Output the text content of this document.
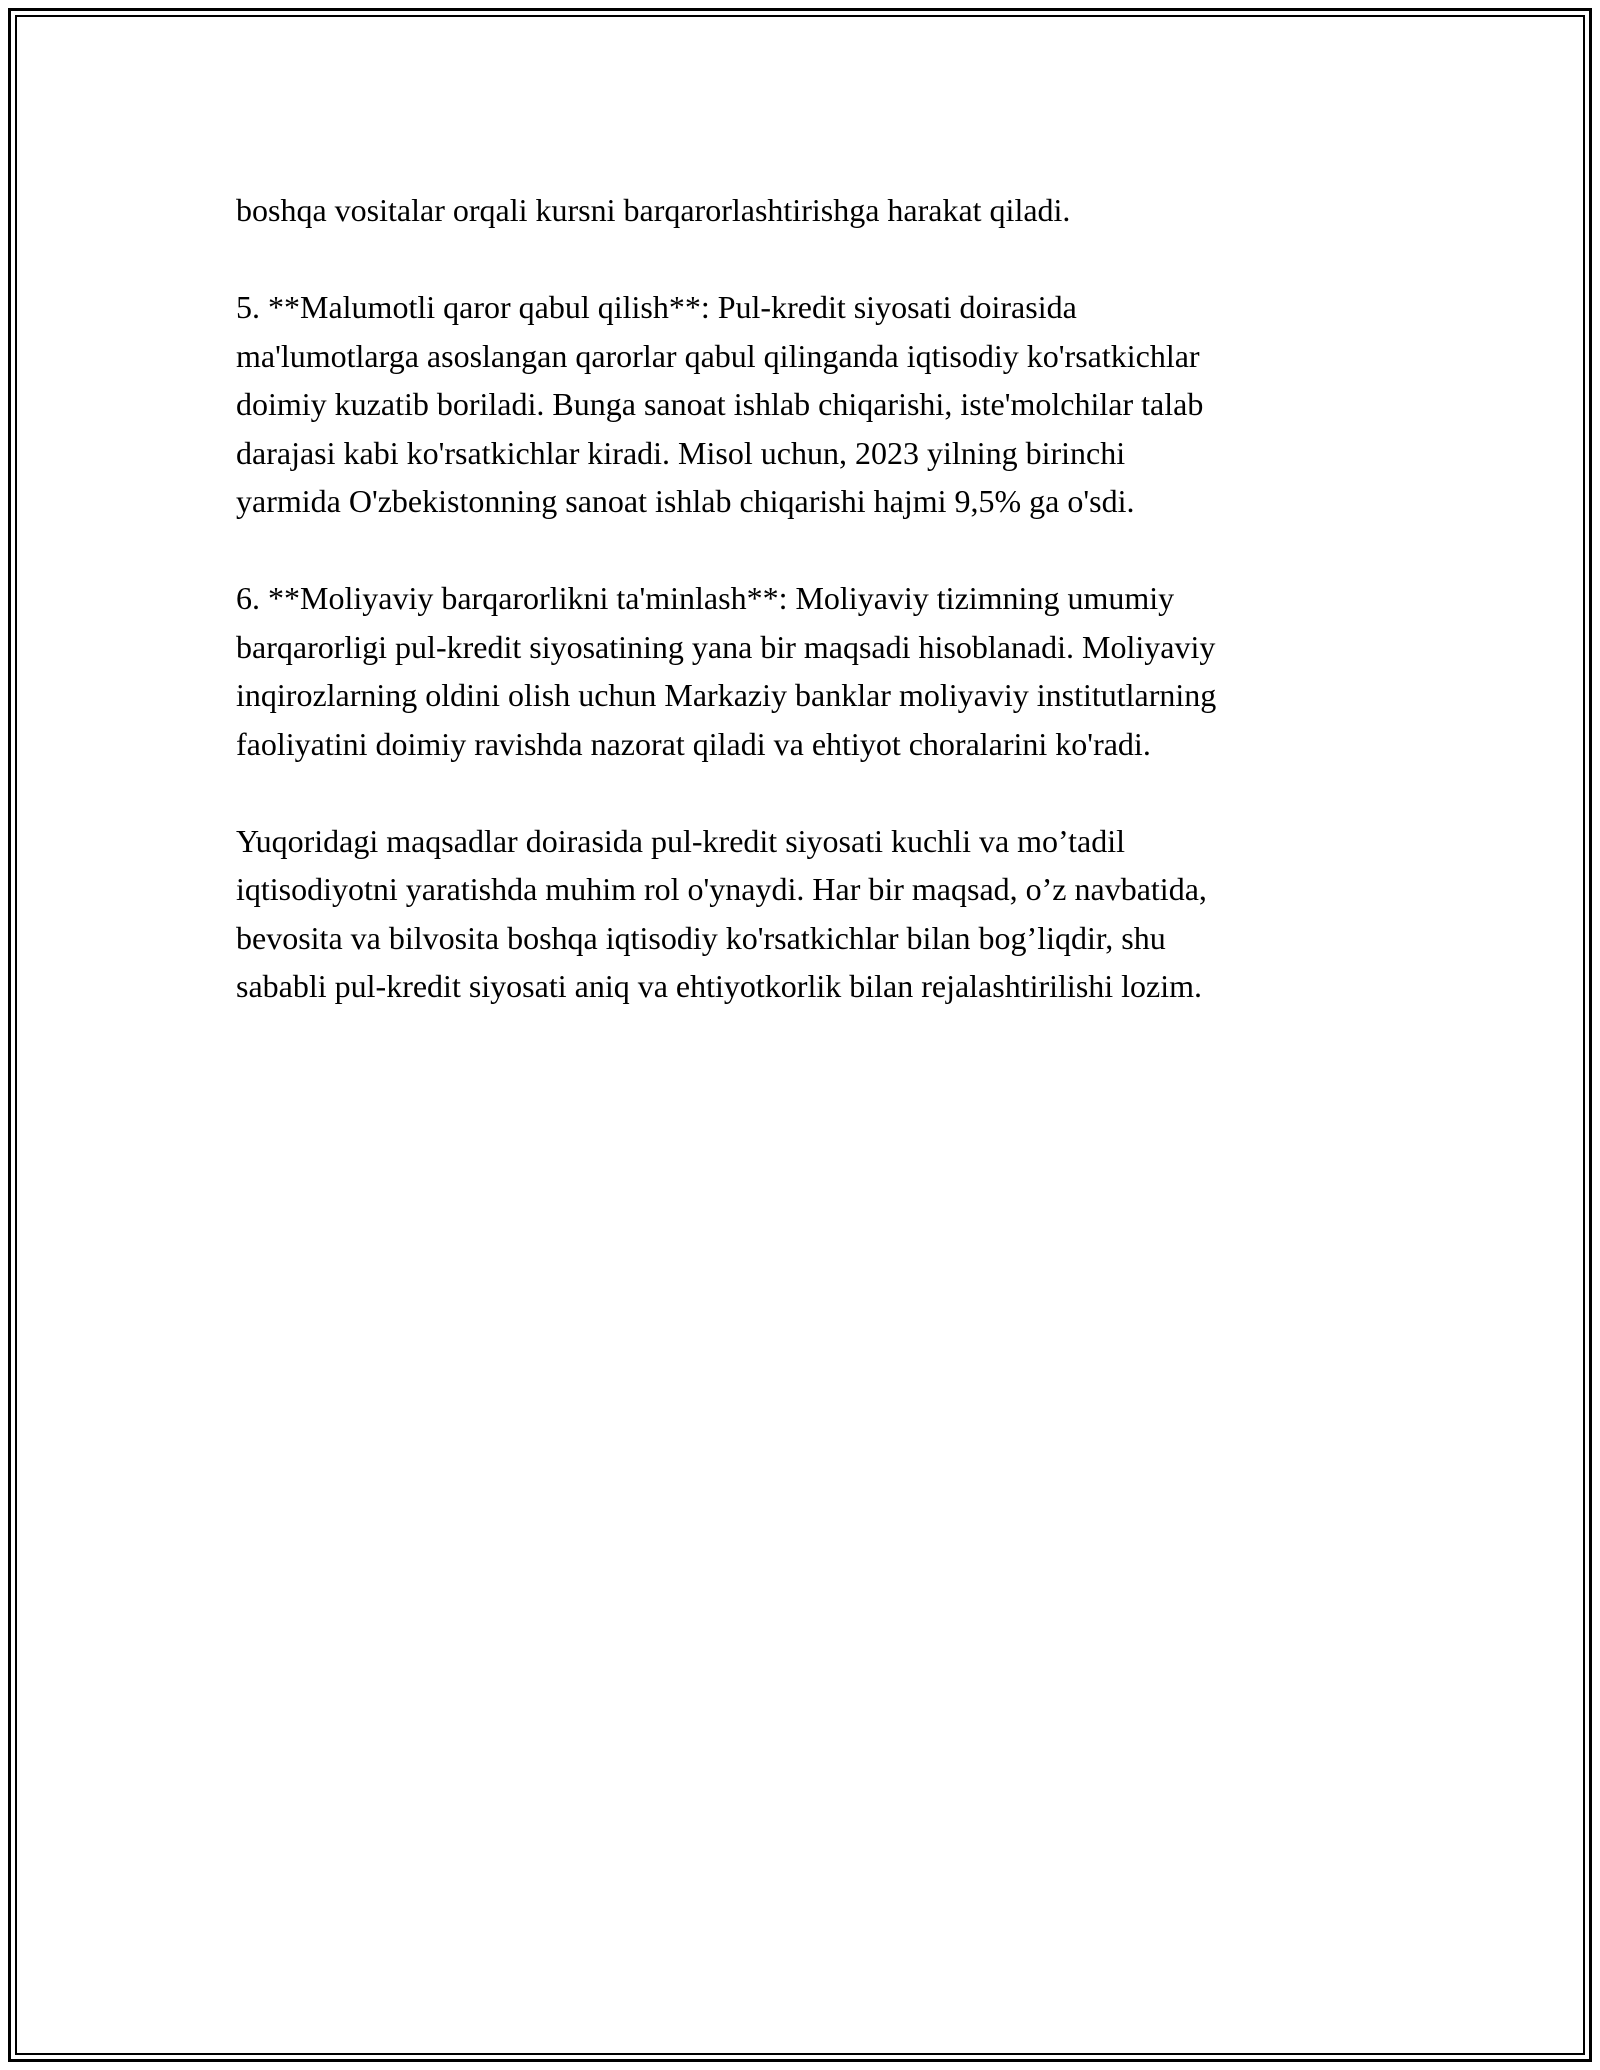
boshqa vositalar orqali kursni barqarorlashtirishga harakat qiladi.

5. **Malumotli qaror qabul qilish**: Pul-kredit siyosati doirasida
ma'lumotlarga asoslangan qarorlar qabul qilinganda iqtisodiy ko'rsatkichlar
doimiy kuzatib boriladi. Bunga sanoat ishlab chiqarishi, iste'molchilar talab
darajasi kabi ko'rsatkichlar kiradi. Misol uchun, 2023 yilning birinchi
yarmida O'zbekistonning sanoat ishlab chiqarishi hajmi 9,5% ga o'sdi.

6. **Moliyaviy barqarorlikni ta'minlash**: Moliyaviy tizimning umumiy
barqarorligi pul-kredit siyosatining yana bir maqsadi hisoblanadi. Moliyaviy
inqirozlarning oldini olish uchun Markaziy banklar moliyaviy institutlarning
faoliyatini doimiy ravishda nazorat qiladi va ehtiyot choralarini ko'radi.

Yuqoridagi maqsadlar doirasida pul-kredit siyosati kuchli va mo’tadil
iqtisodiyotni yaratishda muhim rol o'ynaydi. Har bir maqsad, o’z navbatida,
bevosita va bilvosita boshqa iqtisodiy ko'rsatkichlar bilan bog’liqdir, shu
sababli pul-kredit siyosati aniq va ehtiyotkorlik bilan rejalashtirilishi lozim.
